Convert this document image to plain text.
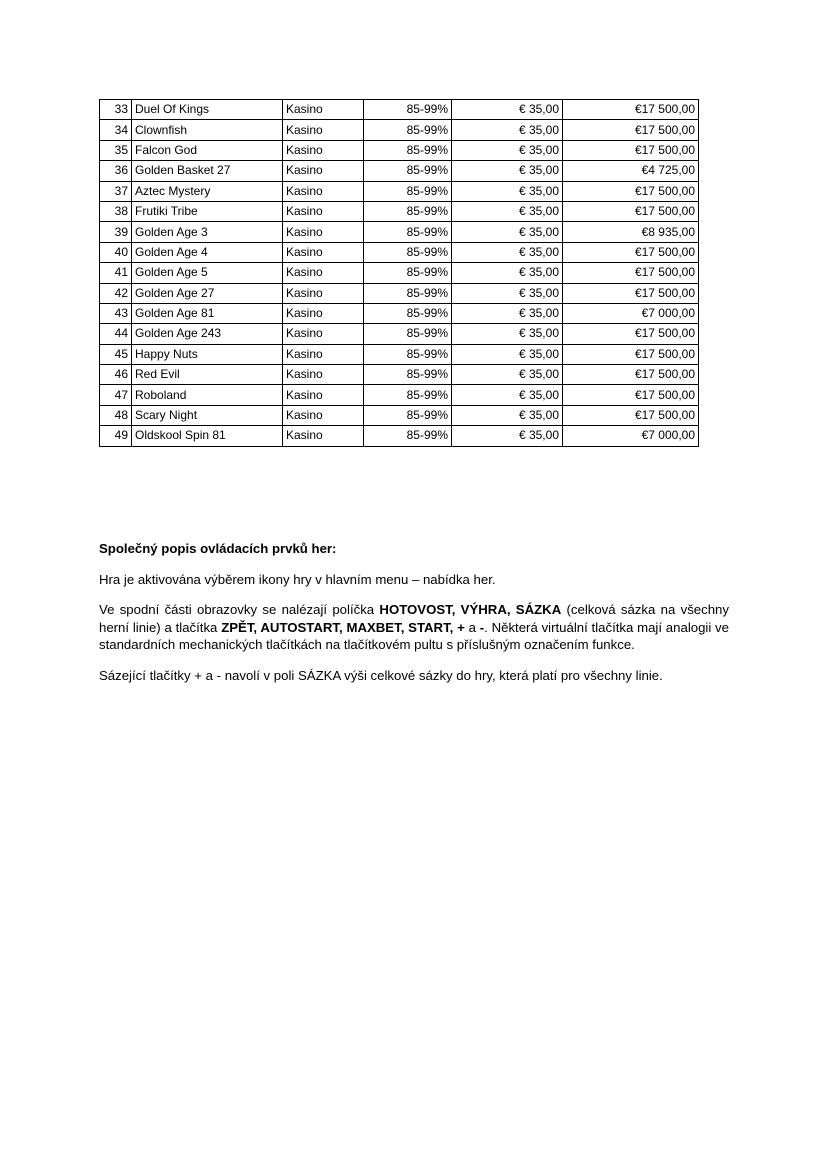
33	Duel Of Kings	Kasino	85-99%	€ 35,00	€17 500,00
34	Clownfish	Kasino	85-99%	€ 35,00	€17 500,00
35	Falcon God	Kasino	85-99%	€ 35,00	€17 500,00
36	Golden Basket 27	Kasino	85-99%	€ 35,00	€4 725,00
37	Aztec Mystery	Kasino	85-99%	€ 35,00	€17 500,00
38	Frutiki Tribe	Kasino	85-99%	€ 35,00	€17 500,00
39	Golden Age 3	Kasino	85-99%	€ 35,00	€8 935,00
40	Golden Age 4	Kasino	85-99%	€ 35,00	€17 500,00
41	Golden Age 5	Kasino	85-99%	€ 35,00	€17 500,00
42	Golden Age 27	Kasino	85-99%	€ 35,00	€17 500,00
43	Golden Age 81	Kasino	85-99%	€ 35,00	€7 000,00
44	Golden Age 243	Kasino	85-99%	€ 35,00	€17 500,00
45	Happy Nuts	Kasino	85-99%	€ 35,00	€17 500,00
46	Red Evil	Kasino	85-99%	€ 35,00	€17 500,00
47	Roboland	Kasino	85-99%	€ 35,00	€17 500,00
48	Scary Night	Kasino	85-99%	€ 35,00	€17 500,00
49	Oldskool Spin 81	Kasino	85-99%	€ 35,00	€7 000,00
Společný popis ovládacích prvků her:
Hra je aktivována výběrem ikony hry v hlavním menu – nabídka her.
Ve spodní části obrazovky se nalézají políčka HOTOVOST, VÝHRA, SÁZKA (celková sázka na všechny herní linie) a tlačítka ZPĚT, AUTOSTART, MAXBET, START, + a -. Některá virtuální tlačítka mají analogii ve standardních mechanických tlačítkách na tlačítkovém pultu s příslušným označením funkce.
Sázející tlačítky + a - navolí v poli SÁZKA výši celkové sázky do hry, která platí pro všechny linie.
